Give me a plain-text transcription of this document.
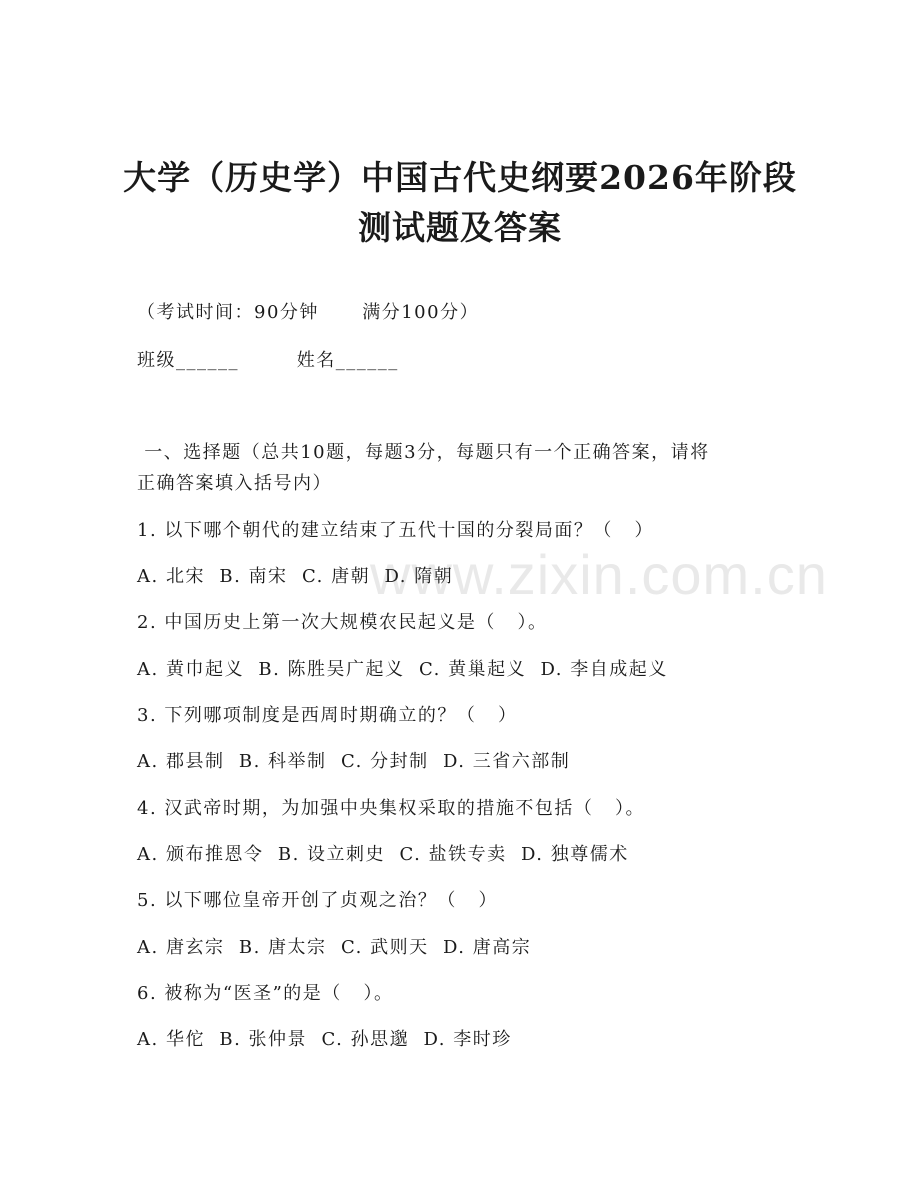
大学（历史学）中国古代史纲要2026年阶段
测试题及答案
（考试时间：90分钟      满分100分）
班级______        姓名______
一、选择题（总共10题，每题3分，每题只有一个正确答案，请将
正确答案填入括号内）
1. 以下哪个朝代的建立结束了五代十国的分裂局面？（   ）
A. 北宋  B. 南宋  C. 唐朝  D. 隋朝
2. 中国历史上第一次大规模农民起义是（   ）。
A. 黄巾起义  B. 陈胜吴广起义  C. 黄巢起义  D. 李自成起义
3. 下列哪项制度是西周时期确立的？（   ）
A. 郡县制  B. 科举制  C. 分封制  D. 三省六部制
4. 汉武帝时期，为加强中央集权采取的措施不包括（   ）。
A. 颁布推恩令  B. 设立刺史  C. 盐铁专卖  D. 独尊儒术
5. 以下哪位皇帝开创了贞观之治？（   ）
A. 唐玄宗  B. 唐太宗  C. 武则天  D. 唐高宗
6. 被称为“医圣”的是（   ）。
A. 华佗  B. 张仲景  C. 孙思邈  D. 李时珍
www.zixin.com.cn
